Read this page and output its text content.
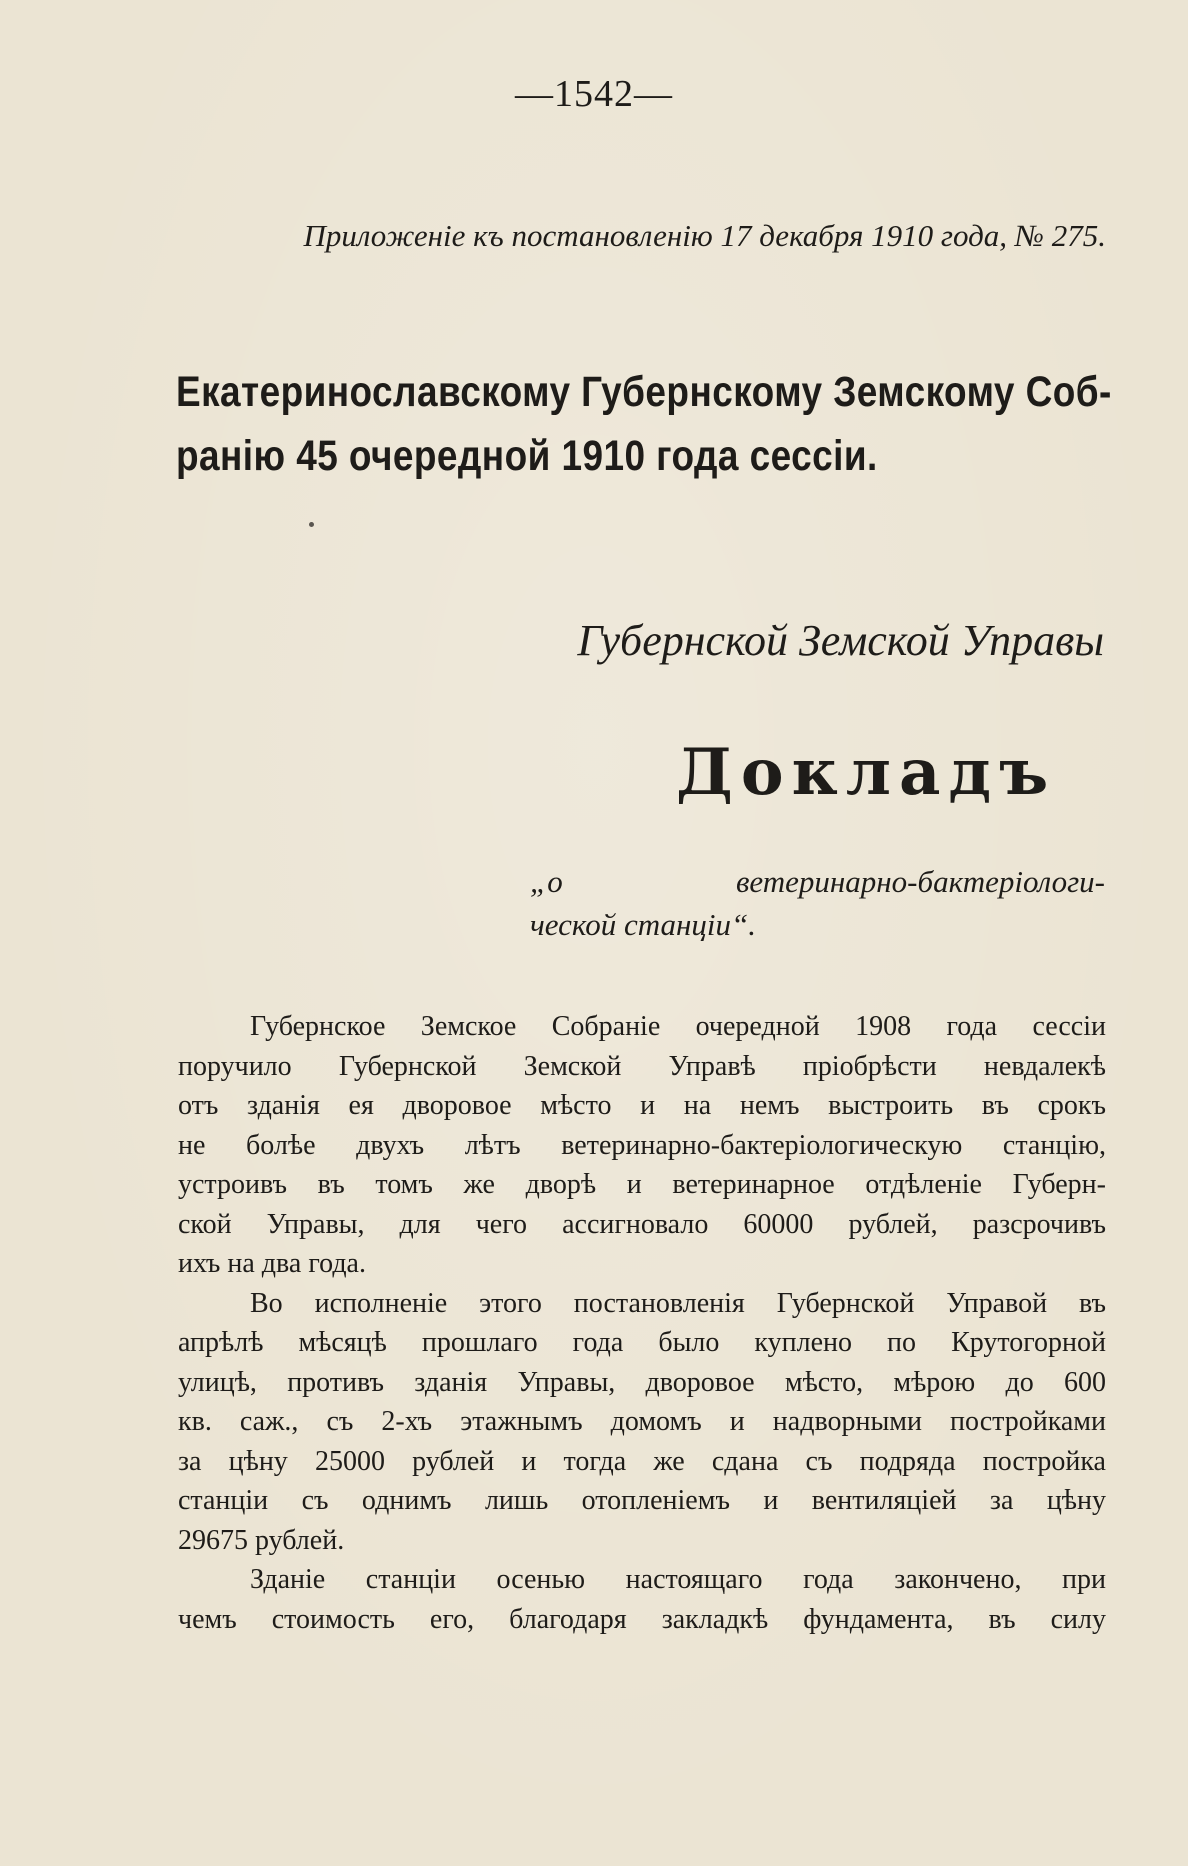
—1542—
Приложенiе къ постановленiю 17 декабря 1910 года, № 275.
Екатеринославскому Губернскому Земскому Соб-
ранiю 45 очередной 1910 года сессiи.
Губернской Земской Управы
Докладъ
„о ветеринарно-бактерiологи-
ческой станцiи“.
Губернское Земское Собранiе очередной 1908 года сессiи
поручило Губернской Земской Управѣ прiобрѣсти невдалекѣ
отъ зданiя ея дворовое мѣсто и на немъ выстроить въ срокъ
не болѣе двухъ лѣтъ ветеринарно-бактерiологическую станцiю,
устроивъ въ томъ же дворѣ и ветеринарное отдѣленiе Губерн-
ской Управы, для чего ассигновало 60000 рублей, разсрочивъ
ихъ на два года.
Во исполненiе этого постановленiя Губернской Управой въ
апрѣлѣ мѣсяцѣ прошлаго года было куплено по Крутогорной
улицѣ, противъ зданiя Управы, дворовое мѣсто, мѣрою до 600
кв. саж., съ 2-хъ этажнымъ домомъ и надворными постройками
за цѣну 25000 рублей и тогда же сдана съ подряда постройка
станцiи съ однимъ лишь отопленiемъ и вентиляцiей за цѣну
29675 рублей.
Зданiе станцiи осенью настоящаго года закончено, при
чемъ стоимость его, благодаря закладкѣ фундамента, въ силу
